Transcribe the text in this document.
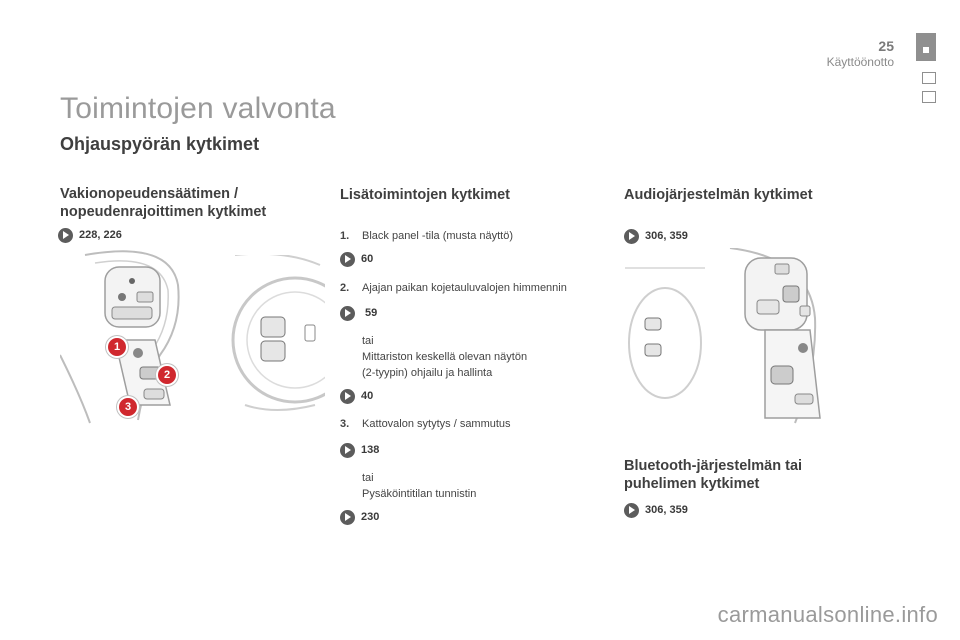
25
Käyttöönotto
Toimintojen valvonta
Ohjauspyörän kytkimet
Vakionopeudensäätimen /
nopeudenrajoittimen kytkimet
228, 226
1
2
3
Lisätoimintojen kytkimet
1. Black panel -tila (musta näyttö)
60
2. Ajajan paikan kojetauluvalojen himmennin
59
tai
Mittariston keskellä olevan näytön
(2-tyypin) ohjailu ja hallinta
40
3. Kattovalon sytytys / sammutus
138
tai
Pysäköintitilan tunnistin
230
Audiojärjestelmän kytkimet
306, 359
Bluetooth-järjestelmän tai
puhelimen kytkimet
306, 359
carmanualsonline.info
